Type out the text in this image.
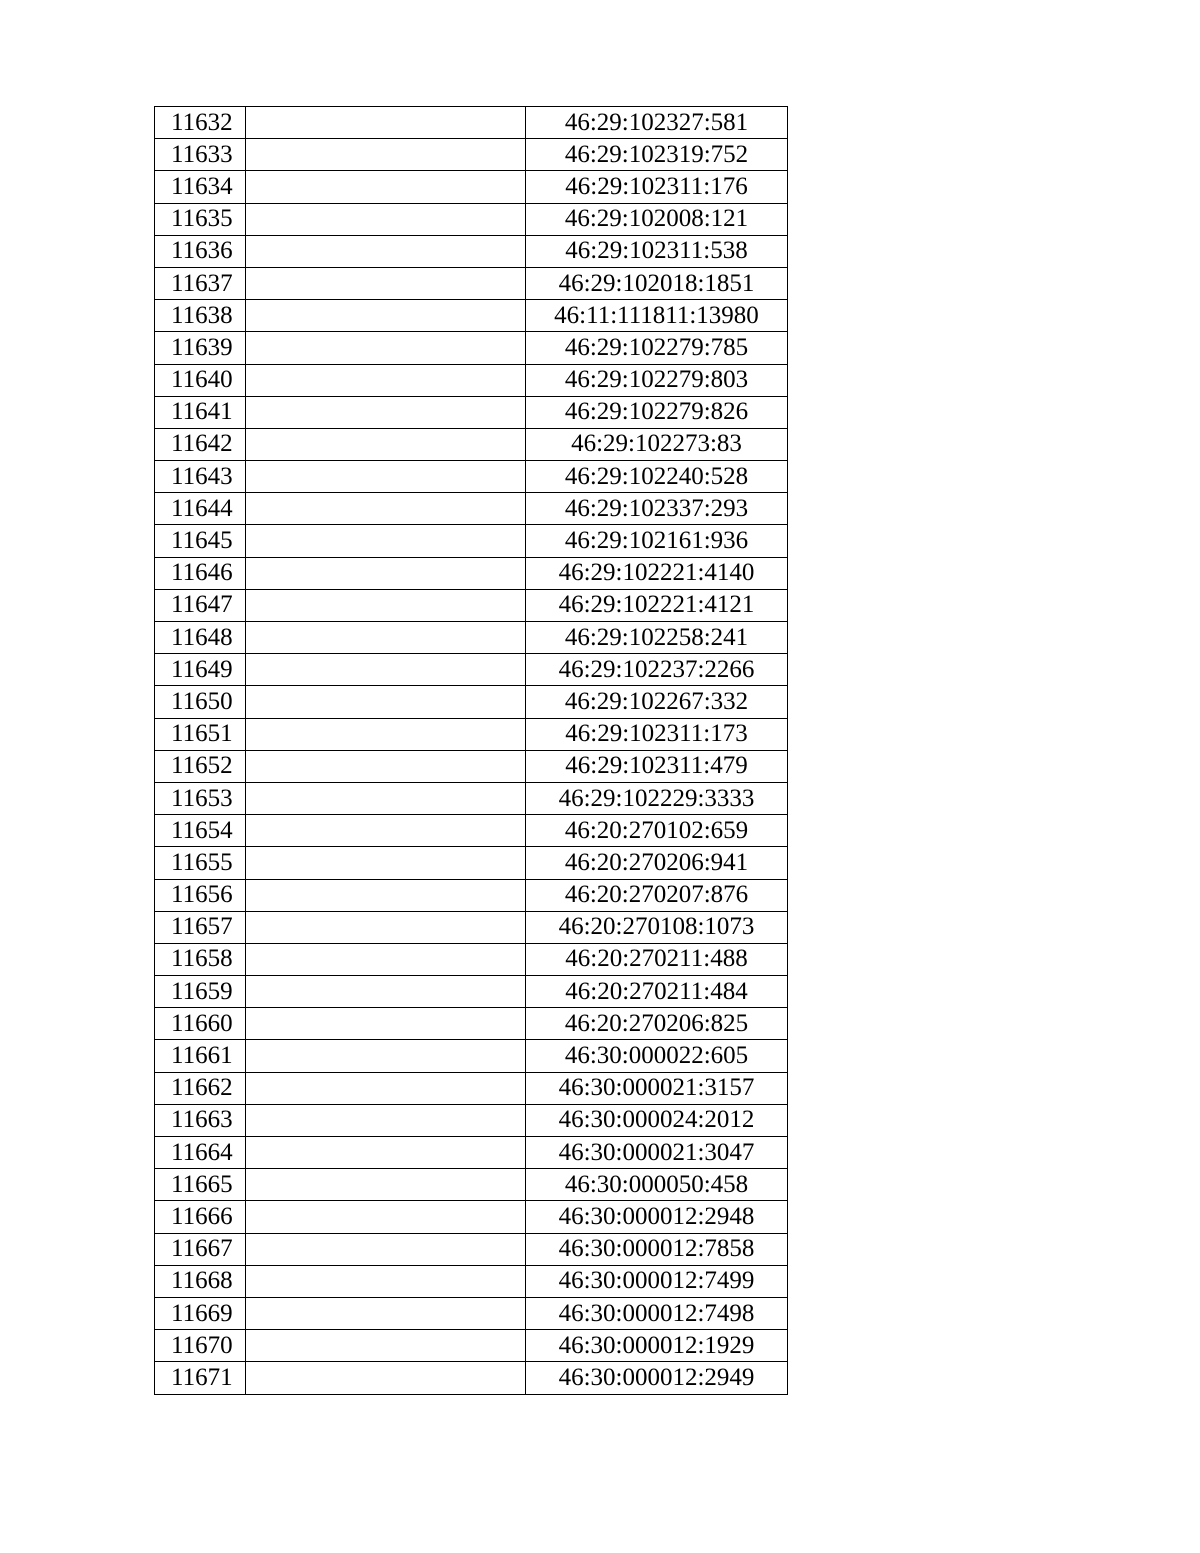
11632		46:29:102327:581
11633		46:29:102319:752
11634		46:29:102311:176
11635		46:29:102008:121
11636		46:29:102311:538
11637		46:29:102018:1851
11638		46:11:111811:13980
11639		46:29:102279:785
11640		46:29:102279:803
11641		46:29:102279:826
11642		46:29:102273:83
11643		46:29:102240:528
11644		46:29:102337:293
11645		46:29:102161:936
11646		46:29:102221:4140
11647		46:29:102221:4121
11648		46:29:102258:241
11649		46:29:102237:2266
11650		46:29:102267:332
11651		46:29:102311:173
11652		46:29:102311:479
11653		46:29:102229:3333
11654		46:20:270102:659
11655		46:20:270206:941
11656		46:20:270207:876
11657		46:20:270108:1073
11658		46:20:270211:488
11659		46:20:270211:484
11660		46:20:270206:825
11661		46:30:000022:605
11662		46:30:000021:3157
11663		46:30:000024:2012
11664		46:30:000021:3047
11665		46:30:000050:458
11666		46:30:000012:2948
11667		46:30:000012:7858
11668		46:30:000012:7499
11669		46:30:000012:7498
11670		46:30:000012:1929
11671		46:30:000012:2949
